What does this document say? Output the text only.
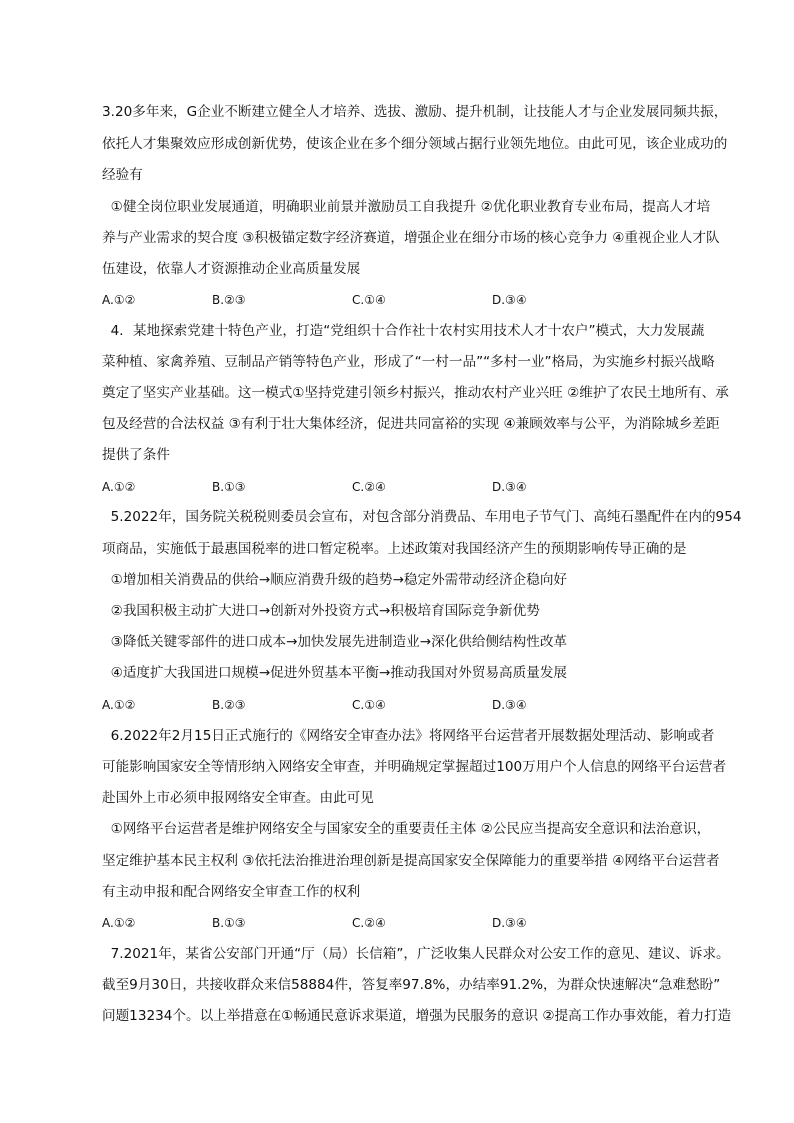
3.20多年来，G企业不断建立健全人才培养、选拔、激励、提升机制，让技能人才与企业发展同频共振，
依托人才集聚效应形成创新优势，使该企业在多个细分领域占据行业领先地位。由此可见，该企业成功的
经验有
①健全岗位职业发展通道，明确职业前景并激励员工自我提升 ②优化职业教育专业布局，提高人才培
养与产业需求的契合度 ③积极锚定数字经济赛道，增强企业在细分市场的核心竞争力 ④重视企业人才队
伍建设，依靠人才资源推动企业高质量发展
A.①②	B.②③	C.①④	D.③④
4．某地探索党建十特色产业，打造“党组织十合作社十农村实用技术人才十农户”模式，大力发展蔬
菜种植、家禽养殖、豆制品产销等特色产业，形成了“一村一品”“多村一业”格局，为实施乡村振兴战略
奠定了坚实产业基础。这一模式①坚持党建引领乡村振兴，推动农村产业兴旺 ②维护了农民土地所有、承
包及经营的合法权益 ③有利于壮大集体经济，促进共同富裕的实现 ④兼顾效率与公平，为消除城乡差距
提供了条件
A.①②	B.①③	C.②④	D.③④
5.2022年，国务院关税税则委员会宣布，对包含部分消费品、车用电子节气门、高纯石墨配件在内的954
项商品，实施低于最惠国税率的进口暂定税率。上述政策对我国经济产生的预期影响传导正确的是
①增加相关消费品的供给→顺应消费升级的趋势→稳定外需带动经济企稳向好
②我国积极主动扩大进口→创新对外投资方式→积极培育国际竞争新优势
③降低关键零部件的进口成本→加快发展先进制造业→深化供给侧结构性改革
④适度扩大我国进口规模→促进外贸基本平衡→推动我国对外贸易高质量发展
A.①②	B.②③	C.①④	D.③④
6.2022年2月15日正式施行的《网络安全审查办法》将网络平台运营者开展数据处理活动、影响或者
可能影响国家安全等情形纳入网络安全审查，并明确规定掌握超过100万用户个人信息的网络平台运营者
赴国外上市必须申报网络安全审查。由此可见
①网络平台运营者是维护网络安全与国家安全的重要责任主体 ②公民应当提高安全意识和法治意识，
坚定维护基本民主权利 ③依托法治推进治理创新是提高国家安全保障能力的重要举措 ④网络平台运营者
有主动申报和配合网络安全审查工作的权利
A.①②	B.①③	C.②④	D.③④
7.2021年，某省公安部门开通“厅（局）长信箱”，广泛收集人民群众对公安工作的意见、建议、诉求。
截至9月30日，共接收群众来信58884件，答复率97.8%，办结率91.2%，为群众快速解决“急难愁盼”
问题13234个。以上举措意在①畅通民意诉求渠道，增强为民服务的意识 ②提高工作办事效能，着力打造
